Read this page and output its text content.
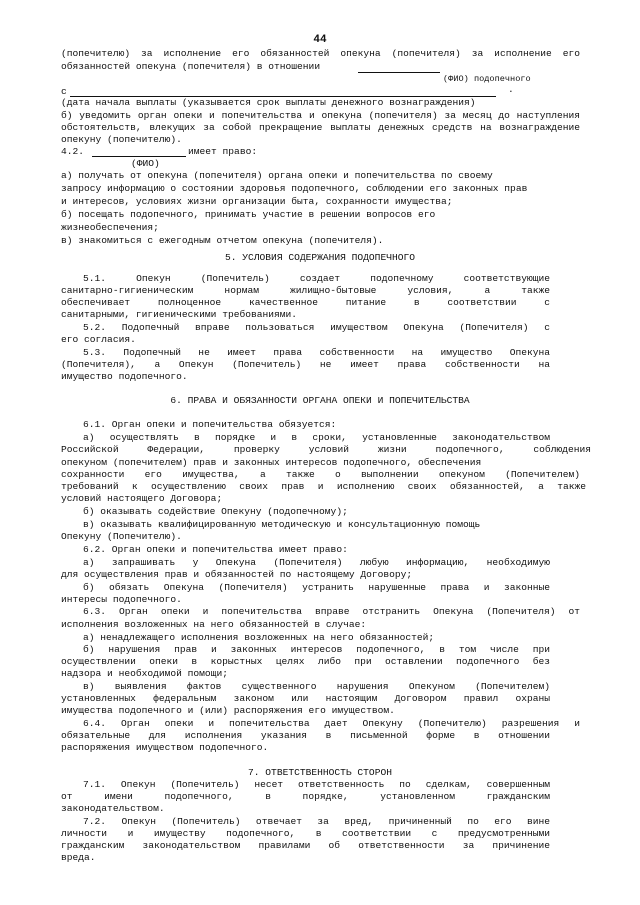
44
(попечителю) за исполнение его обязанностей опекуна (попечителя) за исполнение его
обязанностей опекуна (попечителя) в отношении
(ФИО) подопечного
с	.
(дата начала выплаты (указывается срок выплаты денежного вознаграждения)
б) уведомить орган опеки и попечительства и опекуна (попечителя) за месяц до наступления
обстоятельств, влекущих за собой прекращение выплаты денежных средств на вознаграждение
опекуну (попечителю).
4.2.	имеет право:
(ФИО)
а) получать от опекуна (попечителя) органа опеки и попечительства по своему
запросу информацию о состоянии здоровья подопечного, соблюдении его законных прав
и интересов, условиях жизни организации быта, сохранности имущества;
б) посещать подопечного, принимать участие в решении вопросов его
жизнеобеспечения;
в) знакомиться с ежегодным отчетом опекуна (попечителя).
5. УСЛОВИЯ СОДЕРЖАНИЯ ПОДОПЕЧНОГО
5.1. Опекун (Попечитель) создает подопечному соответствующие
санитарно-гигиеническим нормам жилищно-бытовые условия, а также
обеспечивает полноценное качественное питание в соответствии с
санитарными, гигиеническими требованиями.
5.2. Подопечный вправе пользоваться имуществом Опекуна (Попечителя) с
его согласия.
5.3. Подопечный не имеет права собственности на имущество Опекуна
(Попечителя), а Опекун (Попечитель) не имеет права собственности на
имущество подопечного.
6. ПРАВА И ОБЯЗАННОСТИ ОРГАНА ОПЕКИ И ПОПЕЧИТЕЛЬСТВА
6.1. Орган опеки и попечительства обязуется:
а) осуществлять в порядке и в сроки, установленные законодательством
Российской Федерации, проверку условий жизни подопечного, соблюдения
опекуном (попечителем) прав и законных интересов подопечного, обеспечения
сохранности его имущества, а также о выполнении опекуном (Попечителем)
требований к осуществлению своих прав и исполнению своих обязанностей, а также
условий настоящего Договора;
б) оказывать содействие Опекуну (подопечному);
в) оказывать квалифицированную методическую и консультационную помощь
Опекуну (Попечителю).
6.2. Орган опеки и попечительства имеет право:
а) запрашивать у Опекуна (Попечителя) любую информацию, необходимую
для осуществления прав и обязанностей по настоящему Договору;
б) обязать Опекуна (Попечителя) устранить нарушенные права и законные
интересы подопечного.
6.3. Орган опеки и попечительства вправе отстранить Опекуна (Попечителя) от
исполнения возложенных на него обязанностей в случае:
а) ненадлежащего исполнения возложенных на него обязанностей;
б) нарушения прав и законных интересов подопечного, в том числе при
осуществлении опеки в корыстных целях либо при оставлении подопечного без
надзора и необходимой помощи;
в) выявления фактов существенного нарушения Опекуном (Попечителем)
установленных федеральным законом или настоящим Договором правил охраны
имущества подопечного и (или) распоряжения его имуществом.
6.4. Орган опеки и попечительства дает Опекуну (Попечителю) разрешения и
обязательные для исполнения указания в письменной форме в отношении
распоряжения имуществом подопечного.
7. ОТВЕТСТВЕННОСТЬ СТОРОН
7.1. Опекун (Попечитель) несет ответственность по сделкам, совершенным
от имени подопечного, в порядке, установленном гражданским
законодательством.
7.2. Опекун (Попечитель) отвечает за вред, причиненный по его вине
личности и имуществу подопечного, в соответствии с предусмотренными
гражданским законодательством правилами об ответственности за причинение
вреда.
